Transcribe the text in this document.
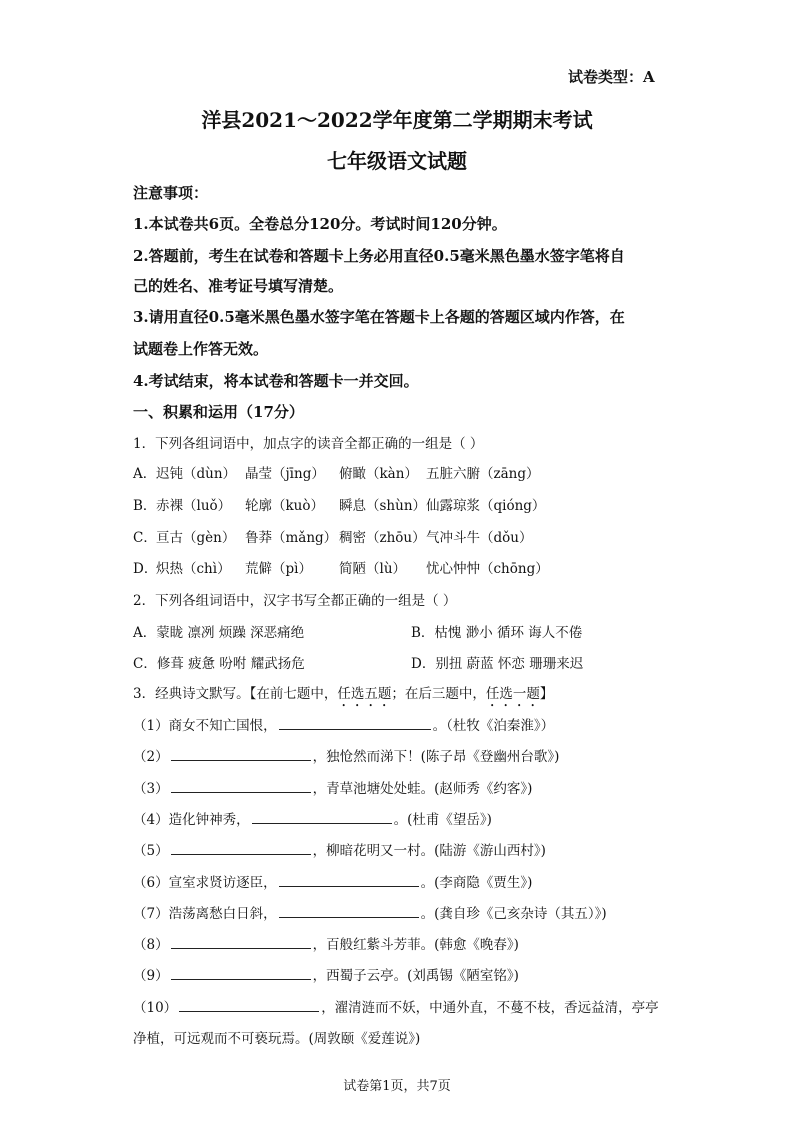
试卷类型：A
洋县2021～2022学年度第二学期期末考试
七年级语文试题
注意事项：
1.本试卷共6页。全卷总分120分。考试时间120分钟。
2.答题前，考生在试卷和答题卡上务必用直径0.5毫米黑色墨水签字笔将自
己的姓名、准考证号填写清楚。
3.请用直径0.5毫米黑色墨水签字笔在答题卡上各题的答题区域内作答，在
试题卷上作答无效。
4.考试结束，将本试卷和答题卡一并交回。
一、积累和运用（17分）
1．下列各组词语中，加点字的读音全都正确的一组是（ ）
A． 迟钝（dùn） 晶莹（jīng） 俯瞰（kàn） 五脏六腑（zāng）
B． 赤裸（luǒ） 轮廓（kuò） 瞬息（shùn） 仙露琼浆（qióng）
C． 亘古（gèn） 鲁莽（mǎng） 稠密（zhōu） 气冲斗牛（dǒu）
D．
炽热（chì） 荒僻（pì） 简陋（lù） 忧心忡忡（chōng）
2．下列各组词语中，汉字书写全都正确的一组是（ ）
A．蒙眬 凛冽 烦躁 深恶痛绝	B．枯愧 渺小 循环 诲人不倦
C．修葺 疲惫 吩咐 耀武扬危	D．别扭 蔚蓝 怀恋 珊珊来迟
3．经典诗文默写。【在前七题中，任选五题；在后三题中，任选一题】
（1）商女不知亡国恨，	。（杜牧《泊秦淮》）
（2）	，独怆然而涕下！(陈子昂《登幽州台歌》)
（3）	，青草池塘处处蛙。(赵师秀《约客》)
（4）造化钟神秀，	。(杜甫《望岳》)
（5）	，柳暗花明又一村。(陆游《游山西村》)
（6）宣室求贤访逐臣，	。(李商隐《贾生》)
（7）浩荡离愁白日斜，	。(龚自珍《己亥杂诗（其五）》)
（8）	，百般红紫斗芳菲。(韩愈《晚春》)
（9）	，西蜀子云亭。(刘禹锡《陋室铭》)
（10）	，濯清涟而不妖，中通外直，不蔓不枝，香远益清，亭亭
净植，可远观而不可亵玩焉。(周敦颐《爱莲说》)
试卷第1页，共7页
